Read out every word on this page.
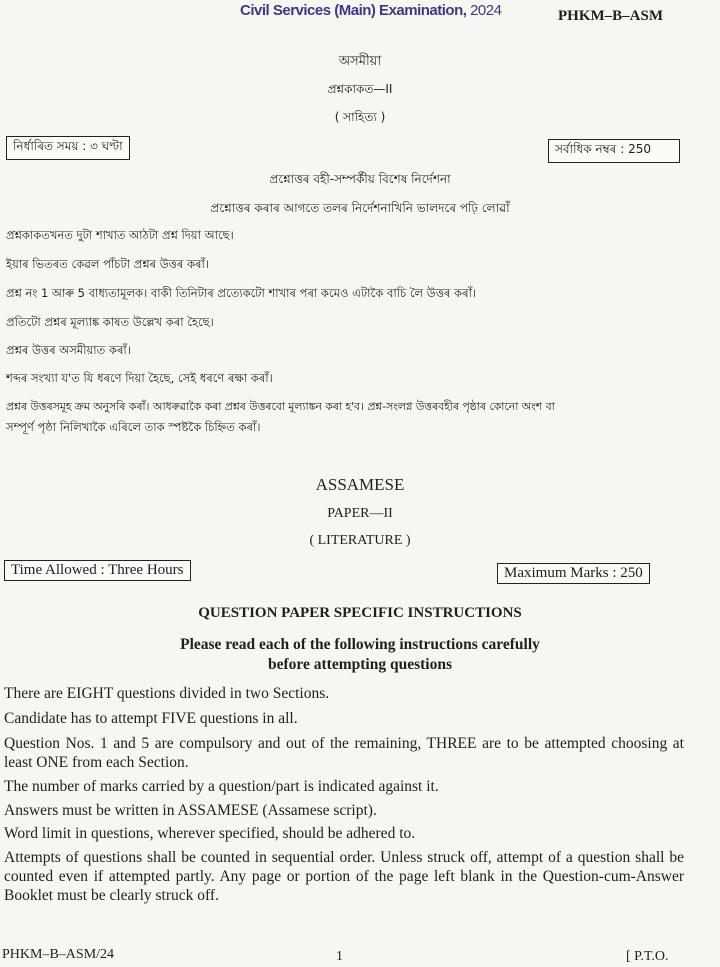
Civil Services (Main) Examination, 2024	PHKM–B–ASM
অসমীয়া
প্ৰশ্নকাকত—II
( সাহিত্য )
নিৰ্ধাৰিত সময় : ৩ ঘণ্টা	সৰ্বাধিক নম্বৰ : 250
প্ৰশ্নোত্তৰ বহী-সম্পৰ্কীয় বিশেষ নিৰ্দেশনা
প্ৰশ্নোত্তৰ কৰাৰ আগতে তলৰ নিৰ্দেশনাখিনি ভালদৰে পঢ়ি লোৱাঁ
প্ৰশ্নকাকতখনত দুটা শাখাত আঠটা প্ৰশ্ন দিয়া আছে।
ইয়াৰ ভিতৰত কেৱল পাঁচটা প্ৰশ্নৰ উত্তৰ কৰাঁ।
প্ৰশ্ন নং 1 আৰু 5 বাধ্যতামূলক। বাকী তিনিটাৰ প্ৰত্যেকটো শাখাৰ পৰা কমেও এটাকৈ বাচি লৈ উত্তৰ কৰাঁ।
প্ৰতিটো প্ৰশ্নৰ মূল্যাঙ্ক কাষত উল্লেখ কৰা হৈছে।
প্ৰশ্নৰ উত্তৰ অসমীয়াত কৰাঁ।
শব্দৰ সংখ্যা য'ত যি ধৰণে দিয়া হৈছে, সেই ধৰণে ৰক্ষা কৰাঁ।
প্ৰশ্নৰ উত্তৰসমূহ ক্ৰম অনুসৰি কৰাঁ। আধৰুৱাকৈ কৰা প্ৰশ্নৰ উত্তৰবো মূল্যাঙ্কন কৰা হ'ব। প্ৰশ্ন-সংলগ্ন উত্তৰবহীৰ পৃষ্ঠাৰ কোনো অংশ বা
সম্পূৰ্ণ পৃষ্ঠা নিলিখাকৈ এৰিলে তাক স্পষ্টকৈ চিহ্নিত কৰাঁ।
ASSAMESE
PAPER—II
( LITERATURE )
Time Allowed : Three Hours	Maximum Marks : 250
QUESTION PAPER SPECIFIC INSTRUCTIONS
Please read each of the following instructions carefully
before attempting questions
There are EIGHT questions divided in two Sections.
Candidate has to attempt FIVE questions in all.
Question Nos. 1 and 5 are compulsory and out of the remaining, THREE are to be attempted choosing at least ONE from each Section.
The number of marks carried by a question/part is indicated against it.
Answers must be written in ASSAMESE (Assamese script).
Word limit in questions, wherever specified, should be adhered to.
Attempts of questions shall be counted in sequential order. Unless struck off, attempt of a question shall be counted even if attempted partly. Any page or portion of the page left blank in the Question-cum-Answer Booklet must be clearly struck off.
PHKM–B–ASM/24	1	[ P.T.O.
